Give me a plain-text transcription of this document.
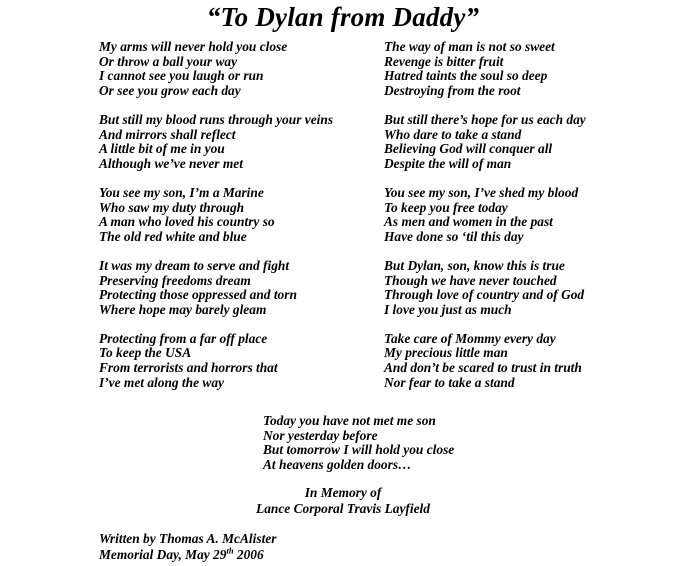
“To Dylan from Daddy”
My arms will never hold you close
Or throw a ball your way
I cannot see you laugh or run
Or see you grow each day
But still my blood runs through your veins
And mirrors shall reflect
A little bit of me in you
Although we’ve never met
You see my son, I’m a Marine
Who saw my duty through
A man who loved his country so
The old red white and blue
It was my dream to serve and fight
Preserving freedoms dream
Protecting those oppressed and torn
Where hope may barely gleam
Protecting from a far off place
To keep the USA
From terrorists and horrors that
I’ve met along the way
The way of man is not so sweet
Revenge is bitter fruit
Hatred taints the soul so deep
Destroying from the root
But still there’s hope for us each day
Who dare to take a stand
Believing God will conquer all
Despite the will of man
You see my son, I’ve shed my blood
To keep you free today
As men and women in the past
Have done so ‘til this day
But Dylan, son, know this is true
Though we have never touched
Through love of country and of God
I love you just as much
Take care of Mommy every day
My precious little man
And don’t be scared to trust in truth
Nor fear to take a stand
Today you have not met me son
Nor yesterday before
But tomorrow I will hold you close
At heavens golden doors…
In Memory of
Lance Corporal Travis Layfield
Written by Thomas A. McAlister
Memorial Day, May 29th 2006
